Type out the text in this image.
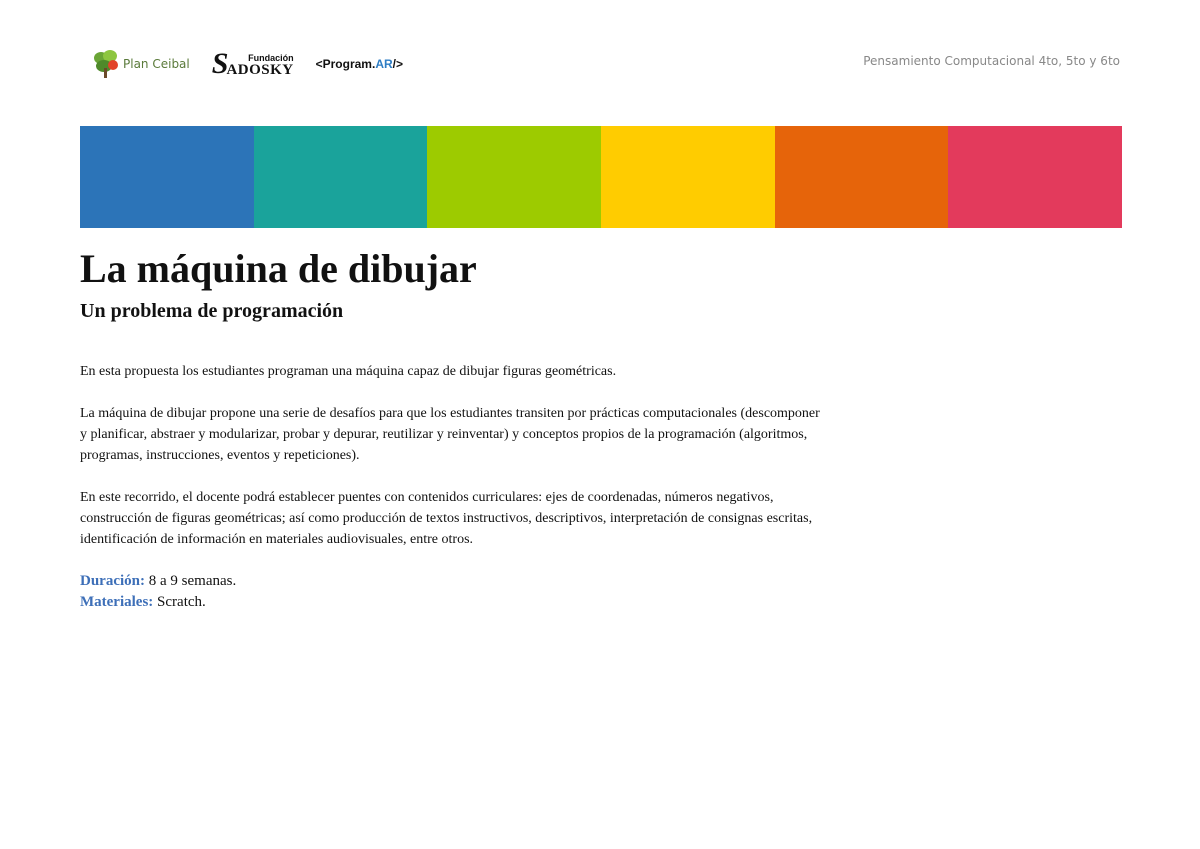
Plan Ceibal S	Fundación
ADOSKY <Program. AR />	Pensamiento Computacional 4to, 5to y 6to
La máquina de dibujar
Un problema de programación

En esta propuesta los estudiantes programan una máquina capaz de dibujar figuras geométricas.

La máquina de dibujar propone una serie de desafíos para que los estudiantes transiten por prácticas computacionales (descomponer y planificar, abstraer y modularizar, probar y depurar, reutilizar y reinventar) y conceptos propios de la programación (algoritmos, programas, instrucciones, eventos y repeticiones).

En este recorrido, el docente podrá establecer puentes con contenidos curriculares: ejes de coordenadas, números negativos, construcción de figuras geométricas; así como producción de textos instructivos, descriptivos, interpretación de consignas escritas, identificación de información en materiales audiovisuales, entre otros.

Duración: 8 a 9 semanas.
Materiales: Scratch.
